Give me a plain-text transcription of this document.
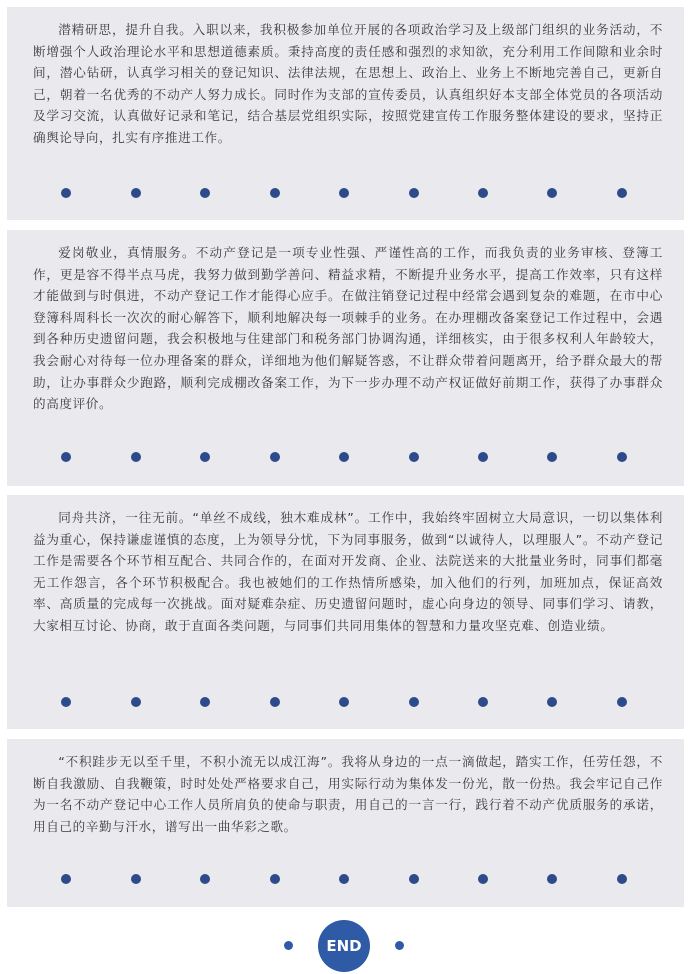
潜精研思，提升自我。入职以来，我积极参加单位开展的各项政治学习及上级部门组织的业务活动，不断增强个人政治理论水平和思想道德素质。秉持高度的责任感和强烈的求知欲，充分利用工作间隙和业余时间，潜心钻研，认真学习相关的登记知识、法律法规，在思想上、政治上、业务上不断地完善自己，更新自己，朝着一名优秀的不动产人努力成长。同时作为支部的宣传委员，认真组织好本支部全体党员的各项活动及学习交流，认真做好记录和笔记，结合基层党组织实际，按照党建宣传工作服务整体建设的要求，坚持正确舆论导向，扎实有序推进工作。

爱岗敬业，真情服务。不动产登记是一项专业性强、严谨性高的工作，而我负责的业务审核、登簿工作，更是容不得半点马虎，我努力做到勤学善问、精益求精，不断提升业务水平，提高工作效率，只有这样才能做到与时俱进，不动产登记工作才能得心应手。在做注销登记过程中经常会遇到复杂的难题，在市中心登簿科周科长一次次的耐心解答下，顺利地解决每一项棘手的业务。在办理棚改备案登记工作过程中，会遇到各种历史遗留问题，我会积极地与住建部门和税务部门协调沟通，详细核实，由于很多权利人年龄较大，我会耐心对待每一位办理备案的群众，详细地为他们解疑答惑，不让群众带着问题离开，给予群众最大的帮助，让办事群众少跑路，顺利完成棚改备案工作，为下一步办理不动产权证做好前期工作，获得了办事群众的高度评价。

同舟共济，一往无前。“单丝不成线，独木难成林”。工作中，我始终牢固树立大局意识，一切以集体利益为重心，保持谦虚谨慎的态度，上为领导分忧，下为同事服务，做到“以诚待人，以理服人”。不动产登记工作是需要各个环节相互配合、共同合作的，在面对开发商、企业、法院送来的大批量业务时，同事们都毫无工作怨言，各个环节积极配合。我也被她们的工作热情所感染，加入他们的行列，加班加点，保证高效率、高质量的完成每一次挑战。面对疑难杂症、历史遗留问题时，虚心向身边的领导、同事们学习、请教，大家相互讨论、协商，敢于直面各类问题，与同事们共同用集体的智慧和力量攻坚克难、创造业绩。

“不积跬步无以至千里，不积小流无以成江海”。我将从身边的一点一滴做起，踏实工作，任劳任怨，不断自我激励、自我鞭策，时时处处严格要求自己，用实际行动为集体发一份光，散一份热。我会牢记自己作为一名不动产登记中心工作人员所肩负的使命与职责，用自己的一言一行，践行着不动产优质服务的承诺，用自己的辛勤与汗水，谱写出一曲华彩之歌。

END
